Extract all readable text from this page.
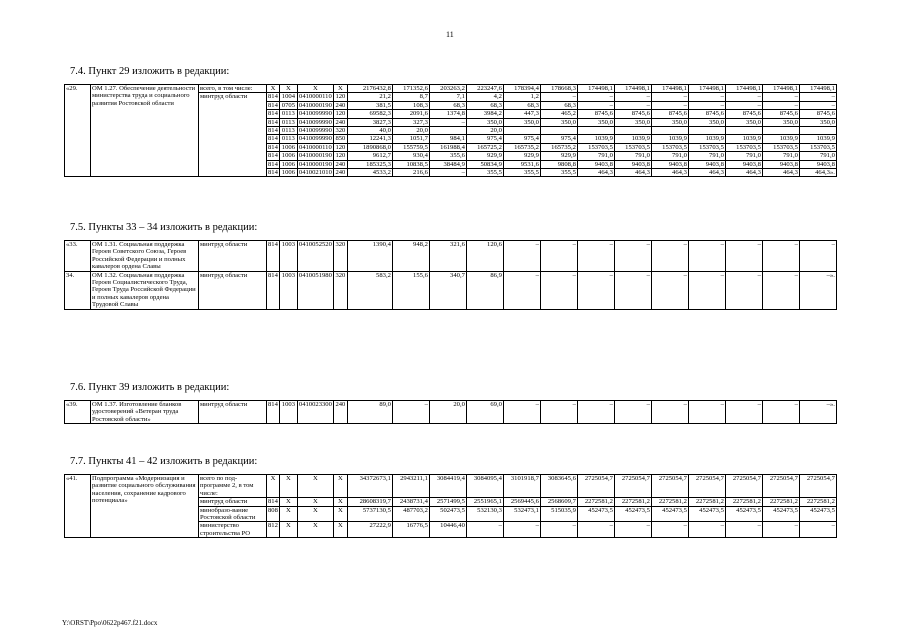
11
7.4. Пункт 29 изложить в редакции:
«29.	ОМ 1.27. Обеспечение деятельности министерства труда и социального развития Ростовской области	всего, в том числе:	Х	Х	Х	Х	2176432,8	171352,6	203263,2	223247,6	178394,4	178668,3	174498,1	174498,1	174498,1	174498,1	174498,1	174498,1	174498,1
		минтруд области	814	1004	0410000110	120	21,2	8,7	7,1	4,2	1,2	–	–	–	–	–	–	–	–
			814	0705	0410000190	240	381,5	108,3	68,3	68,3	68,3	68,3	–	–	–	–	–	–	–
			814	0113	0410099990	120	69582,3	2091,6	1374,8	3984,2	447,3	465,2	8745,6	8745,6	8745,6	8745,6	8745,6	8745,6	8745,6
			814	0113	0410099990	240	3827,3	327,3	–	350,0	350,0	350,0	350,0	350,0	350,0	350,0	350,0	350,0	350,0
			814	0113	0410099990	320	40,0	20,0		20,0									
			814	0113	0410099990	850	12241,3	1051,7	984,1	975,4	975,4	975,4	1039,9	1039,9	1039,9	1039,9	1039,9	1039,9	1039,9
			814	1006	0410000110	120	1890868,0	155759,5	161988,4	165725,2	165735,2	165735,2	153703,5	153703,5	153703,5	153703,5	153703,5	153703,5	153703,5
			814	1006	0410000190	120	9612,7	930,4	355,6	929,9	929,9	929,9	791,0	791,0	791,0	791,0	791,0	791,0	791,0
			814	1006	0410000190	240	185325,3	10838,5	38484,9	50834,9	9531,6	9808,8	9403,8	9403,8	9403,8	9403,8	9403,8	9403,8	9403,8
			814	1006	0410021010	240	4533,2	216,6	–	355,5	355,5	355,5	464,3	464,3	464,3	464,3	464,3	464,3	464,3».
7.5. Пункты 33 – 34 изложить в редакции:
«33.	ОМ 1.31. Социальная поддержка Героев Советского Союза, Героев Российской Федерации и полных кавалеров ордена Славы	минтруд области	814	1003	0410052520	320	1390,4	948,2	321,6	120,6	–	–	–	–	–	–	–	–	–
34.	ОМ 1.32. Социальная поддержка Героев Социалистического Труда, Героев Труда Российской Федерации и полных кавалеров ордена Трудовой Славы	минтруд области	814	1003	0410051980	320	583,2	155,6	340,7	86,9	–	–	–	–	–	–	–	–	–».
7.6. Пункт 39 изложить в редакции:
«39.	ОМ 1.37. Изготовление бланков удостоверений «Ветеран труда Ростовской области»	минтруд области	814	1003	0410023300	240	89,0	–	20,0	69,0	–	–	–	–	–	–	–	–	–».
7.7. Пункты 41 – 42 изложить в редакции:
«41.	Подпрограмма «Модернизация и развитие социального обслуживания населения, сохранение кадрового потенциала»	всего по под-программе 2, в том числе:	Х	Х	Х	Х	34372673,1	2943211,1	3084419,4	3084095,4	3101918,7	3083645,6	2725054,7	2725054,7	2725054,7	2725054,7	2725054,7	2725054,7	2725054,7
		минтруд области	814	Х	Х	Х	28608319,7	2438731,4	2571499,5	2551965,1	2569445,6	2568609,7	2272581,2	2272581,2	2272581,2	2272581,2	2272581,2	2272581,2	2272581,2
		минобразо-вание Ростовской области	808	Х	Х	Х	5737130,5	487703,2	502473,5	532130,3	532473,1	515035,9	452473,5	452473,5	452473,5	452473,5	452473,5	452473,5	452473,5
		министерство строительства РО	812	Х	Х	Х	27222,9	16776,5	10446,40	–	–	–	–	–	–	–	–	–	–
Y:\ORST\Ppo\0622p467.f21.docx
